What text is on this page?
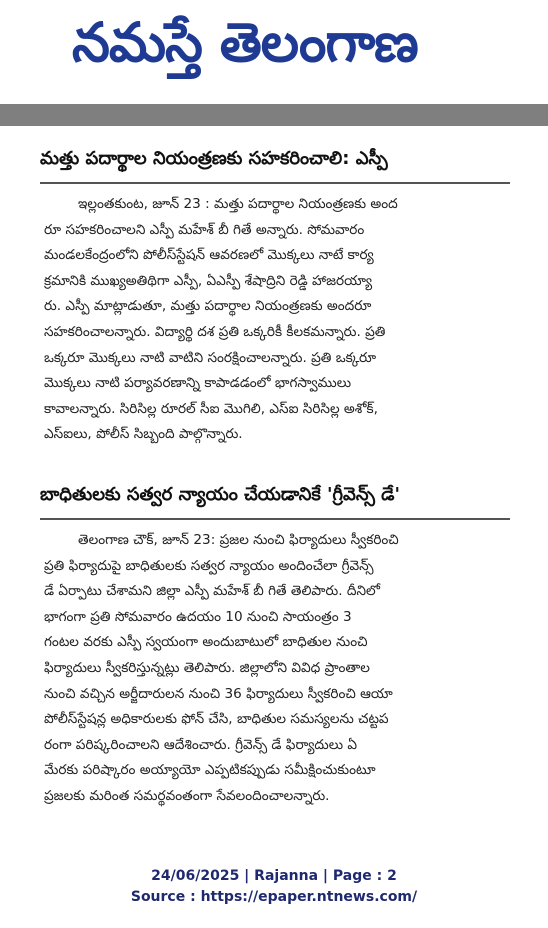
నమస్తే తెలంగాణ
మత్తు పదార్థాల నియంత్రణకు సహకరించాలి: ఎస్పీ
ఇల్లంతకుంట, జూన్ 23 : మత్తు పదార్థాల నియంత్రణకు అంద
రూ సహకరించాలని ఎస్పీ మహేశ్ బీ గితే అన్నారు. సోమవారం
మండలకేంద్రంలోని పోలీస్‌స్టేషన్ ఆవరణలో మొక్కలు నాటే కార్య
క్రమానికి ముఖ్యఅతిథిగా ఎస్పీ, ఏఎస్పీ శేషాద్రిని రెడ్డి హాజరయ్యా
రు. ఎస్పీ మాట్లాడుతూ, మత్తు పదార్థాల నియంత్రణకు అందరూ
సహకరించాలన్నారు. విద్యార్థి దశ ప్రతి ఒక్కరికీ కీలకమన్నారు. ప్రతి
ఒక్కరూ మొక్కలు నాటి వాటిని సంరక్షించాలన్నారు. ప్రతి ఒక్కరూ
మొక్కలు నాటి పర్యావరణాన్ని కాపాడడంలో భాగస్వాములు
కావాలన్నారు. సిరిసిల్ల రూరల్ సీఐ మొగిలి, ఎస్ఐ సిరిసిల్ల అశోక్,
ఎస్ఐలు, పోలీస్ సిబ్బంది పాల్గొన్నారు.
బాధితులకు సత్వర న్యాయం చేయడానికే 'గ్రీవెన్స్ డే'
తెలంగాణ చౌక్, జూన్ 23: ప్రజల నుంచి ఫిర్యాదులు స్వీకరించి
ప్రతి ఫిర్యాదుపై బాధితులకు సత్వర న్యాయం అందించేలా గ్రీవెన్స్
డే ఏర్పాటు చేశామని జిల్లా ఎస్పీ మహేశ్ బీ గితే తెలిపారు. దీనిలో
భాగంగా ప్రతి సోమవారం ఉదయం 10 నుంచి సాయంత్రం 3
గంటల వరకు ఎస్పీ స్వయంగా అందుబాటులో బాధితుల నుంచి
ఫిర్యాదులు స్వీకరిస్తున్నట్లు తెలిపారు. జిల్లాలోని వివిధ ప్రాంతాల
నుంచి వచ్చిన అర్జీదారులన నుంచి 36 ఫిర్యాదులు స్వీకరించి ఆయా
పోలీస్‌స్టేషన్ల అధికారులకు ఫోన్ చేసి, బాధితుల సమస్యలను చట్టప
రంగా పరిష్కరించాలని ఆదేశించారు. గ్రీవెన్స్ డే ఫిర్యాదులు ఏ
మేరకు పరిష్కారం అయ్యాయో ఎప్పటికప్పుడు సమీక్షించుకుంటూ
ప్రజలకు మరింత సమర్థవంతంగా సేవలందించాలన్నారు.
24/06/2025 | Rajanna | Page : 2
Source : https://epaper.ntnews.com/
